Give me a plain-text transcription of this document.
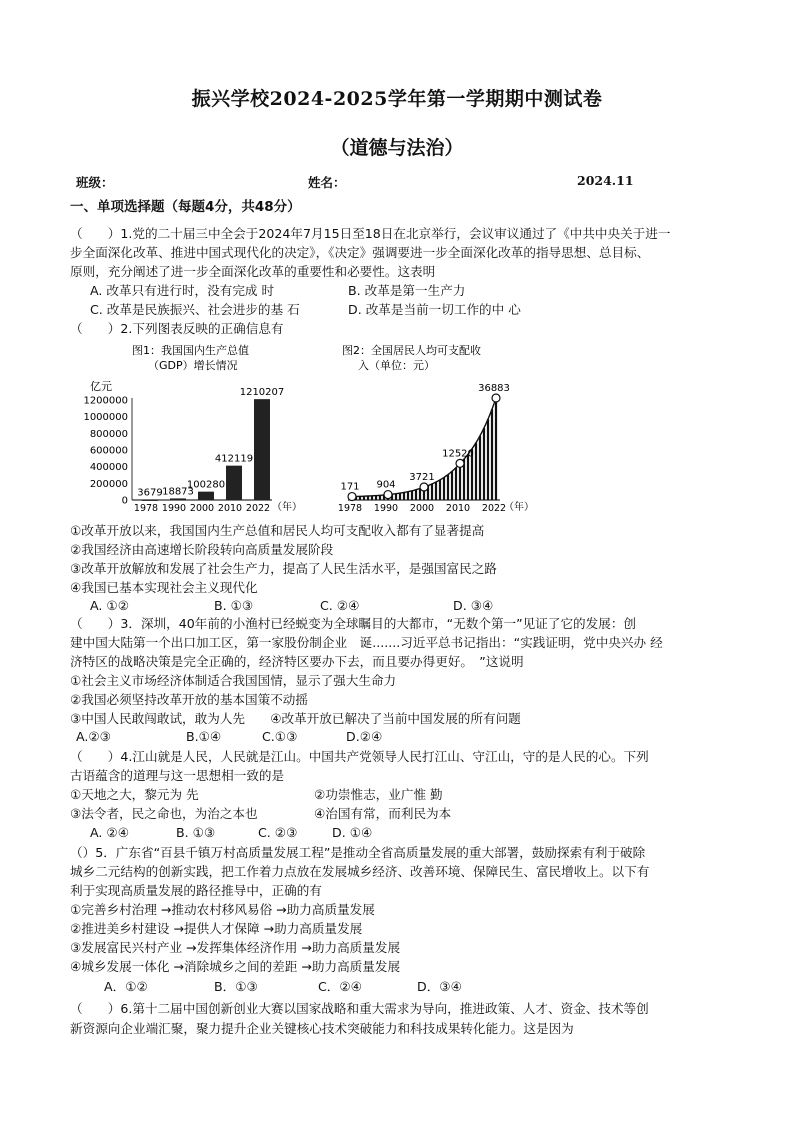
振兴学校2024-2025学年第一学期期中测试卷
（道德与法治）
班级：	姓名：	2024.11
一、单项选择题（每题4分，共48分）
（　　）1.党的二十届三中全会于2024年7月15日至18日在北京举行，会议审议通过了《中共中央关于进一
步全面深化改革、推进中国式现代化的决定》，《决定》强调要进一步全面深化改革的指导思想、总目标、
原则，充分阐述了进一步全面深化改革的重要性和必要性。这表明
A. 改革只有进行时，没有完成 时	B. 改革是第一生产力
C. 改革是民族振兴、社会进步的基 石	D. 改革是当前一切工作的中 心
（　　）2.下列图表反映的正确信息有
图1：我国国内生产总值
（GDP）增长情况
亿元
1200000
1000000
800000
600000
400000
200000
0
3679 18873
100280
412119
1210207
1978 1990 2000 2010 2022 （年）
图2：全国居民人均可支配收
入（单位：元）
171 904
3721
12520
36883
1978 1990 2000 2010 2022
（年）
①改革开放以来，我国国内生产总值和居民人均可支配收入都有了显著提高
②我国经济由高速增长阶段转向高质量发展阶段
③改革开放解放和发展了社会生产力，提高了人民生活水平，是强国富民之路
④我国已基本实现社会主义现代化
A. ①②	B. ①③	C. ②④	D. ③④
（　　）3．深圳，40年前的小渔村已经蜕变为全球瞩目的大都市，“无数个第一”见证了它的发展：创
建中国大陆第一个出口加工区，第一家股份制企业　诞.......习近平总书记指出：“实践证明，党中央兴办 经
济特区的战略决策是完全正确的，经济特区要办下去，而且要办得更好。　”这说明
①社会主义市场经济体制适合我国国情，显示了强大生命力
②我国必须坚持改革开放的基本国策不动摇
③中国人民敢闯敢试，敢为人先　　④改革开放已解决了当前中国发展的所有问题
A.②③	B.①④	C.①③	D.②④
（　　）4.江山就是人民，人民就是江山。中国共产党领导人民打江山、守江山，守的是人民的心。下列
古语蕴含的道理与这一思想相一致的是
①天地之大，黎元为 先	②功崇惟志，业广惟 勤
③法令者，民之命也，为治之本也	④治国有常，而利民为本
A. ②④	B. ①③	C. ②③	D. ①④
（）5．广东省“百县千镇万村高质量发展工程”是推动全省高质量发展的重大部署，鼓励探索有利于破除
城乡二元结构的创新实践，把工作着力点放在发展城乡经济、改善环境、保障民生、富民增收上。以下有
利于实现高质量发展的路径推导中，正确的有
①完善乡村治理 →推动农村移风易俗 →助力高质量发展
②推进美乡村建设 →提供人才保障 →助力高质量发展
③发展富民兴村产业 →发挥集体经济作用 →助力高质量发展
④城乡发展一体化 →消除城乡之间的差距 →助力高质量发展
A．①②	B．①③	C．②④	D．③④
（　　）6.第十二届中国创新创业大赛以国家战略和重大需求为导向，推进政策、人才、资金、技术等创
新资源向企业端汇聚，聚力提升企业关键核心技术突破能力和科技成果转化能力。这是因为
